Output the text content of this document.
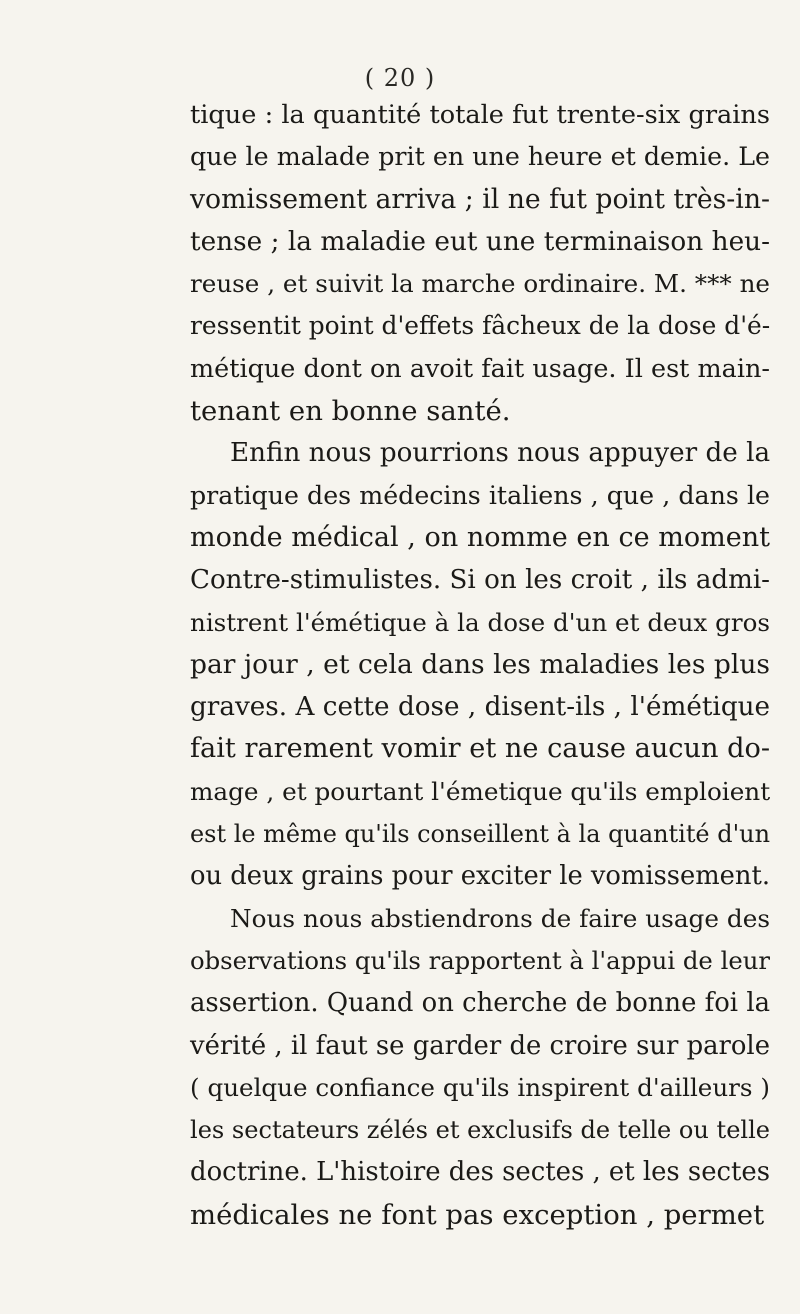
( 20 )
tique : la quantité totale fut trente-six grains
que le malade prit en une heure et demie. Le
vomissement arriva ; il ne fut point très-in-
tense ; la maladie eut une terminaison heu-
reuse , et suivit la marche ordinaire. M. *** ne
ressentit point d'effets fâcheux de la dose d'é-
métique dont on avoit fait usage. Il est main-
tenant en bonne santé.
Enfin nous pourrions nous appuyer de la
pratique des médecins italiens , que , dans le
monde médical , on nomme en ce moment
Contre-stimulistes. Si on les croit , ils admi-
nistrent l'émétique à la dose d'un et deux gros
par jour , et cela dans les maladies les plus
graves. A cette dose , disent-ils , l'émétique
fait rarement vomir et ne cause aucun do-
mage , et pourtant l'émetique qu'ils emploient
est le même qu'ils conseillent à la quantité d'un
ou deux grains pour exciter le vomissement.
Nous nous abstiendrons de faire usage des
observations qu'ils rapportent à l'appui de leur
assertion. Quand on cherche de bonne foi la
vérité , il faut se garder de croire sur parole
( quelque confiance qu'ils inspirent d'ailleurs )
les sectateurs zélés et exclusifs de telle ou telle
doctrine. L'histoire des sectes , et les sectes
médicales ne font pas exception , permet
